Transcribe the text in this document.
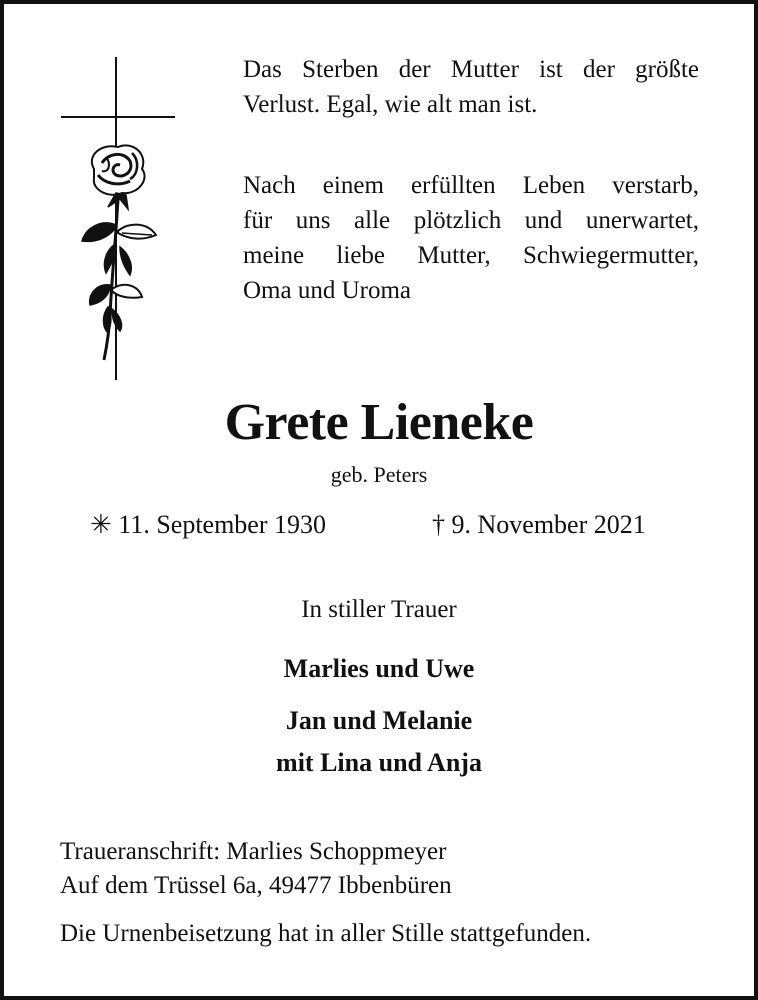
Das Sterben der Mutter ist der größte

Verlust. Egal, wie alt man ist.

Nach einem erfüllten Leben verstarb,

für uns alle plötzlich und unerwartet,

meine liebe Mutter, Schwiegermutter,

Oma und Uroma

Grete Lieneke
geb. Peters
✳ 11. September 1930	† 9. November 2021
In stiller Trauer
Marlies und Uwe
Jan und Melanie
mit Lina und Anja
Traueranschrift: Marlies Schoppmeyer
Auf dem Trüssel 6a, 49477 Ibbenbüren
Die Urnenbeisetzung hat in aller Stille stattgefunden.
